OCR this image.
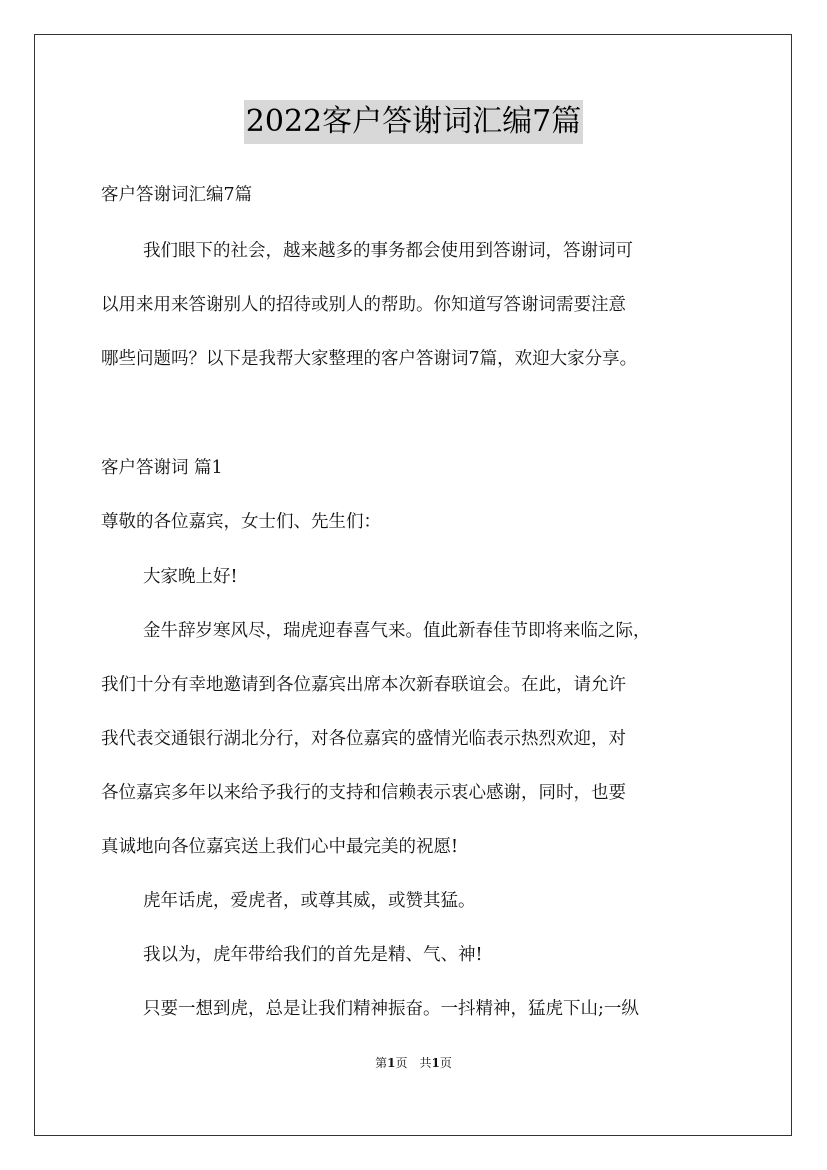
2022客户答谢词汇编7篇
客户答谢词汇编7篇
我们眼下的社会，越来越多的事务都会使用到答谢词，答谢词可
以用来用来答谢别人的招待或别人的帮助。你知道写答谢词需要注意
哪些问题吗？以下是我帮大家整理的客户答谢词7篇，欢迎大家分享。
客户答谢词 篇1
尊敬的各位嘉宾，女士们、先生们：
大家晚上好!
金牛辞岁寒风尽，瑞虎迎春喜气来。值此新春佳节即将来临之际，
我们十分有幸地邀请到各位嘉宾出席本次新春联谊会。在此，请允许
我代表交通银行湖北分行，对各位嘉宾的盛情光临表示热烈欢迎，对
各位嘉宾多年以来给予我行的支持和信赖表示衷心感谢，同时，也要
真诚地向各位嘉宾送上我们心中最完美的祝愿!
虎年话虎，爱虎者，或尊其威，或赞其猛。
我以为，虎年带给我们的首先是精、气、神!
只要一想到虎，总是让我们精神振奋。一抖精神，猛虎下山;一纵
第1页　共1页
